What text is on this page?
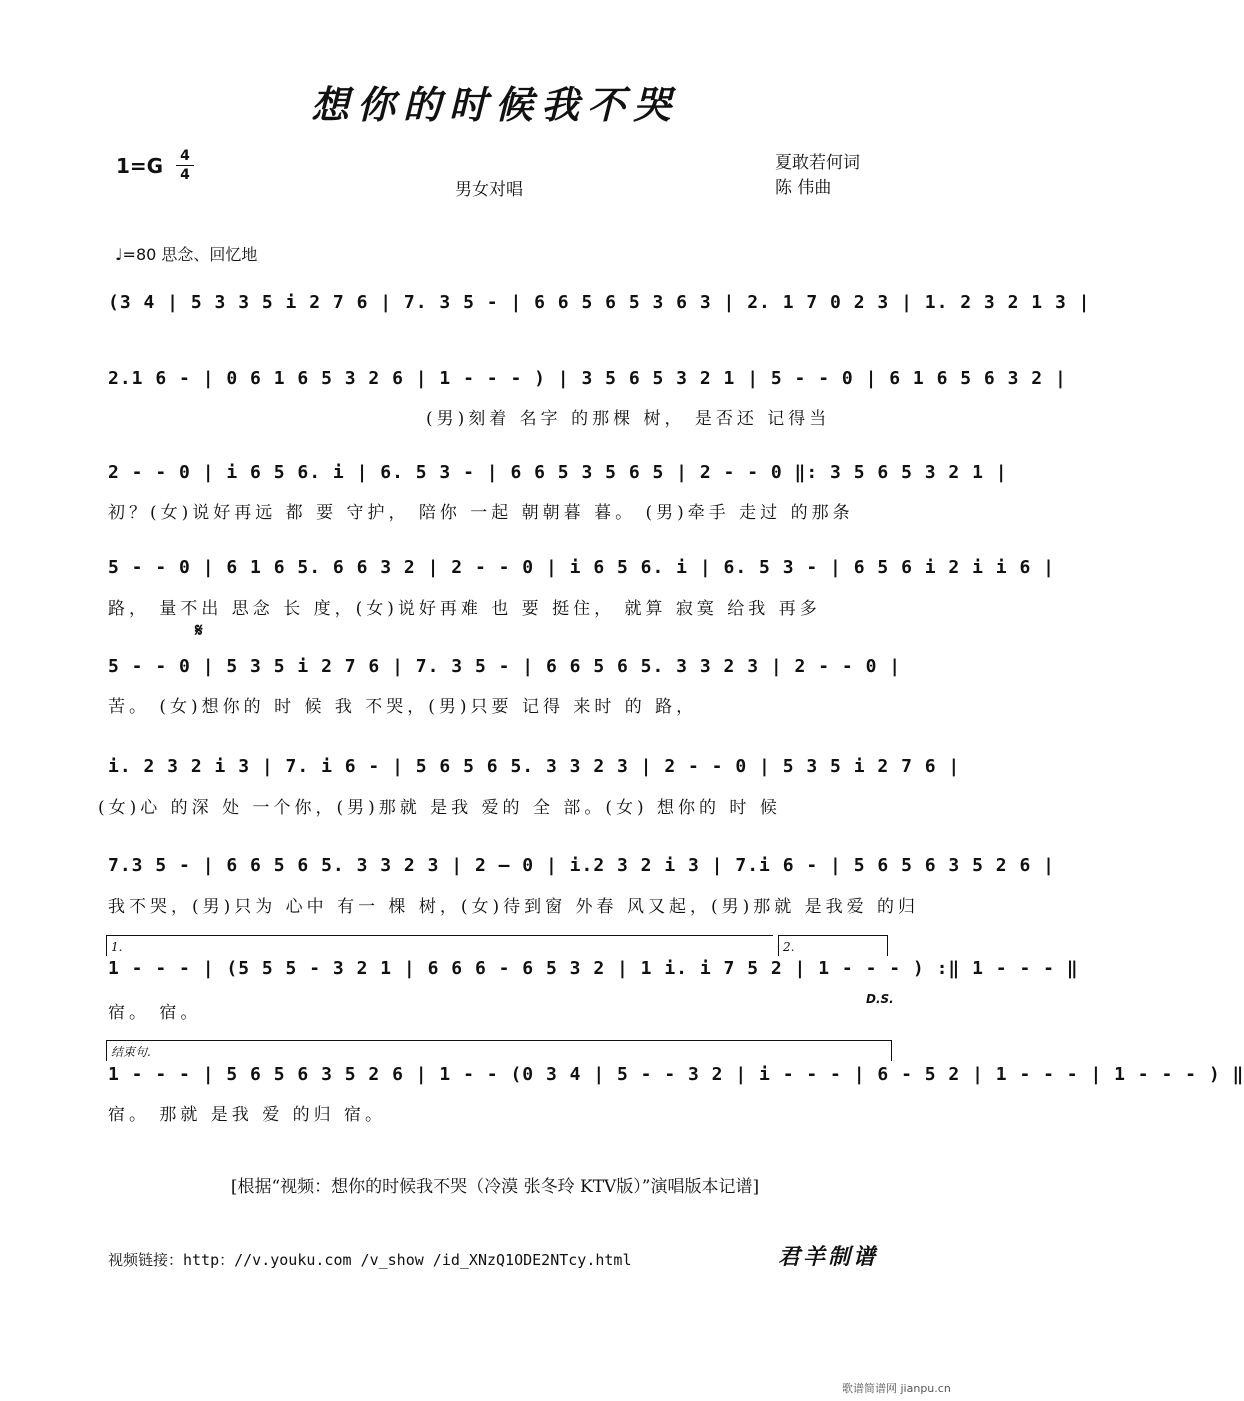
想你的时候我不哭
1=G 4
4
男女对唱
夏敢若何词
陈 伟曲
♩=80 思念、回忆地
(3 4 | 5 3 3 5 i 2 7 6 | 7. 3 5 - | 6 6 5 6 5 3 6 3 | 2. 1 7 0 2 3 | 1. 2 3 2 1 3 |
2.1 6 - | 0 6 1 6 5 3 2 6 | 1 - - - ) | 3 5 6 5 3 2 1 | 5 - - 0 | 6 1 6 5 6 3 2 |
(男)刻着 名字 的那棵 树， 是否还 记得当
2 - - 0 | i 6 5 6. i | 6. 5 3 - | 6 6 5 3 5 6 5 | 2 - - 0 ‖: 3 5 6 5 3 2 1 |
初？(女)说好再远 都 要 守护， 陪你 一起 朝朝暮 暮。 (男)牵手 走过 的那条
5 - - 0 | 6 1 6 5. 6 6 3 2 | 2 - - 0 | i 6 5 6. i | 6. 5 3 - | 6 5 6 i 2 i i 6 |
路， 量不出 思念 长 度，(女)说好再难 也 要 挺住， 就算 寂寞 给我 再多
𝄋
5 - - 0 | 5 3 5 i 2 7 6 | 7. 3 5 - | 6 6 5 6 5. 3 3 2 3 | 2 - - 0 |
苦。 (女)想你的 时 候 我 不哭，(男)只要 记得 来时 的 路，
i. 2 3 2 i 3 | 7. i 6 - | 5 6 5 6 5. 3 3 2 3 | 2 - - 0 | 5 3 5 i 2 7 6 |
(女)心 的深 处 一个你，(男)那就 是我 爱的 全 部。(女) 想你的 时 候
7.3 5 - | 6 6 5 6 5. 3 3 2 3 | 2 — 0 | i.2 3 2 i 3 | 7.i 6 - | 5 6 5 6 3 5 2 6 |
我不哭，(男)只为 心中 有一 棵 树，(女)待到窗 外春 风又起，(男)那就 是我爱 的归
1.	2.
1 - - - | (5 5 5 - 3 2 1 | 6 6 6 - 6 5 3 2 | 1 i. i 7 5 2 | 1 - - - ) :‖ 1 - - - ‖
宿。 宿。
D.S.
结束句.
1 - - - | 5 6 5 6 3 5 2 6 | 1 - - (0 3 4 | 5 - - 3 2 | i - - - | 6 - 5 2 | 1 - - - | 1 - - - ) ‖
宿。 那就 是我 爱 的归 宿。
[根据“视频：想你的时候我不哭（冷漠 张冬玲 KTV版）”演唱版本记谱]
视频链接：http：//v.youku.com /v_show /id_XNzQ1ODE2NTcy.html	君羊制谱
歌谱简谱网 jianpu.cn
